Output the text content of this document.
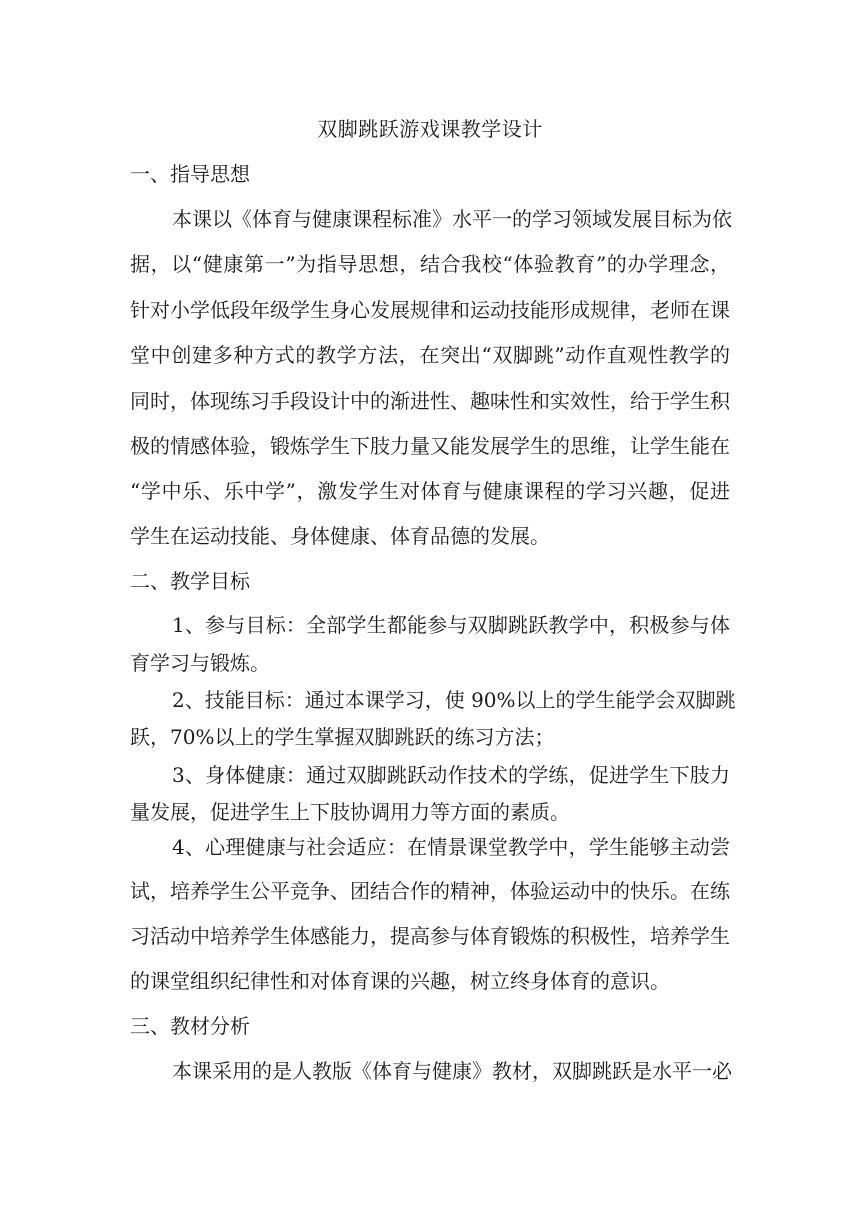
双脚跳跃游戏课教学设计
一、指导思想
本课以《体育与健康课程标准》水平一的学习领域发展目标为依
据，以“健康第一”为指导思想，结合我校“体验教育”的办学理念，
针对小学低段年级学生身心发展规律和运动技能形成规律，老师在课
堂中创建多种方式的教学方法，在突出“双脚跳”动作直观性教学的
同时，体现练习手段设计中的渐进性、趣味性和实效性，给于学生积
极的情感体验，锻炼学生下肢力量又能发展学生的思维，让学生能在
“学中乐、乐中学”，激发学生对体育与健康课程的学习兴趣，促进
学生在运动技能、身体健康、体育品德的发展。
二、教学目标
1、参与目标：全部学生都能参与双脚跳跃教学中，积极参与体
育学习与锻炼。
2、技能目标：通过本课学习，使 90%以上的学生能学会双脚跳
跃，70%以上的学生掌握双脚跳跃的练习方法；
3、身体健康：通过双脚跳跃动作技术的学练，促进学生下肢力
量发展，促进学生上下肢协调用力等方面的素质。
4、心理健康与社会适应：在情景课堂教学中，学生能够主动尝
试，培养学生公平竞争、团结合作的精神，体验运动中的快乐。在练
习活动中培养学生体感能力，提高参与体育锻炼的积极性，培养学生
的课堂组织纪律性和对体育课的兴趣，树立终身体育的意识。
三、教材分析
本课采用的是人教版《体育与健康》教材，双脚跳跃是水平一必
